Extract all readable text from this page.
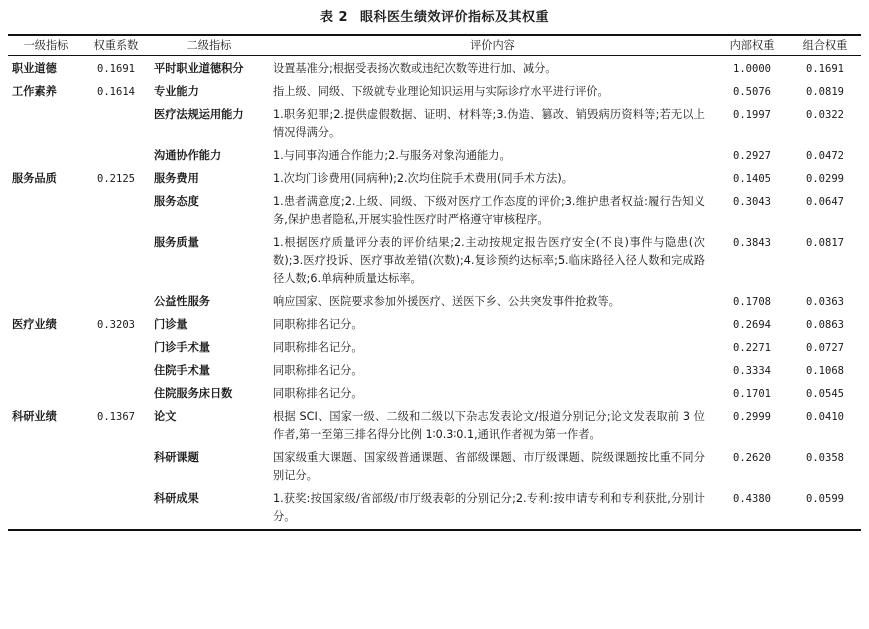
表 2 眼科医生绩效评价指标及其权重
一级指标	权重系数	二级指标	评价内容	内部权重	组合权重
职业道德	0.1691	平时职业道德积分	设置基准分;根据受表扬次数或违纪次数等进行加、减分。	1.0000	0.1691
工作素养	0.1614	专业能力	指上级、同级、下级就专业理论知识运用与实际诊疗水平进行评价。	0.5076	0.0819
		医疗法规运用能力	1.职务犯罪;2.提供虚假数据、证明、材料等;3.伪造、篡改、销毁病历资料等;若无以上情况得满分。	0.1997	0.0322
		沟通协作能力	1.与同事沟通合作能力;2.与服务对象沟通能力。	0.2927	0.0472
服务品质	0.2125	服务费用	1.次均门诊费用(同病种);2.次均住院手术费用(同手术方法)。	0.1405	0.0299
		服务态度	1.患者满意度;2.上级、同级、下级对医疗工作态度的评价;3.维护患者权益:履行告知义务,保护患者隐私,开展实验性医疗时严格遵守审核程序。	0.3043	0.0647
		服务质量	1.根据医疗质量评分表的评价结果;2.主动按规定报告医疗安全(不良)事件与隐患(次数);3.医疗投诉、医疗事故差错(次数);4.复诊预约达标率;5.临床路径入径人数和完成路径人数;6.单病种质量达标率。	0.3843	0.0817
		公益性服务	响应国家、医院要求参加外援医疗、送医下乡、公共突发事件抢救等。	0.1708	0.0363
医疗业绩	0.3203	门诊量	同职称排名记分。	0.2694	0.0863
		门诊手术量	同职称排名记分。	0.2271	0.0727
		住院手术量	同职称排名记分。	0.3334	0.1068
		住院服务床日数	同职称排名记分。	0.1701	0.0545
科研业绩	0.1367	论文	根据 SCI、国家一级、二级和二级以下杂志发表论文/报道分别记分;论文发表取前 3 位作者,第一至第三排名得分比例 1∶0.3∶0.1,通讯作者视为第一作者。	0.2999	0.0410
		科研课题	国家级重大课题、国家级普通课题、省部级课题、市厅级课题、院级课题按比重不同分别记分。	0.2620	0.0358
		科研成果	1.获奖:按国家级/省部级/市厅级表彰的分别记分;2.专利:按申请专利和专利获批,分别计分。	0.4380	0.0599
